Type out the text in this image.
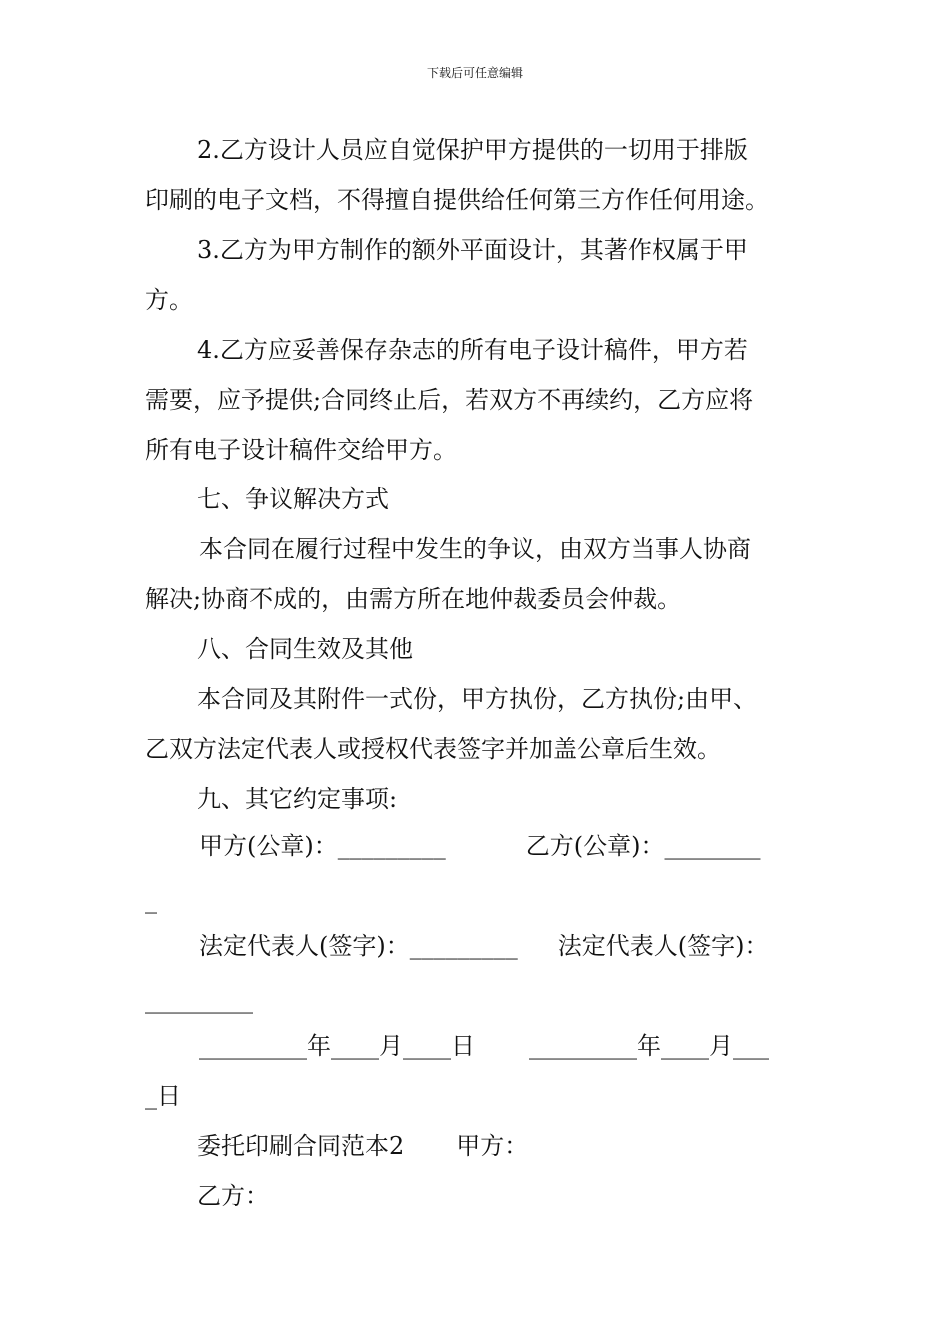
下载后可任意编辑
2.乙方设计人员应自觉保护甲方提供的一切用于排版
印刷的电子文档，不得擅自提供给任何第三方作任何用途。
3.乙方为甲方制作的额外平面设计，其著作权属于甲
方。
4.乙方应妥善保存杂志的所有电子设计稿件，甲方若
需要，应予提供;合同终止后，若双方不再续约，乙方应将
所有电子设计稿件交给甲方。
七、争议解决方式
本合同在履行过程中发生的争议，由双方当事人协商
解决;协商不成的，由需方所在地仲裁委员会仲裁。
八、合同生效及其他
本合同及其附件一式份，甲方执份，乙方执份;由甲、
乙双方法定代表人或授权代表签字并加盖公章后生效。
九、其它约定事项:
甲方(公章)：_________	乙方(公章)：________
_
法定代表人(签字)：_________ 法定代表人(签字)：
_________
_________年____月____日 _________年____月___
_日
委托印刷合同范本2 甲方：
乙方：
